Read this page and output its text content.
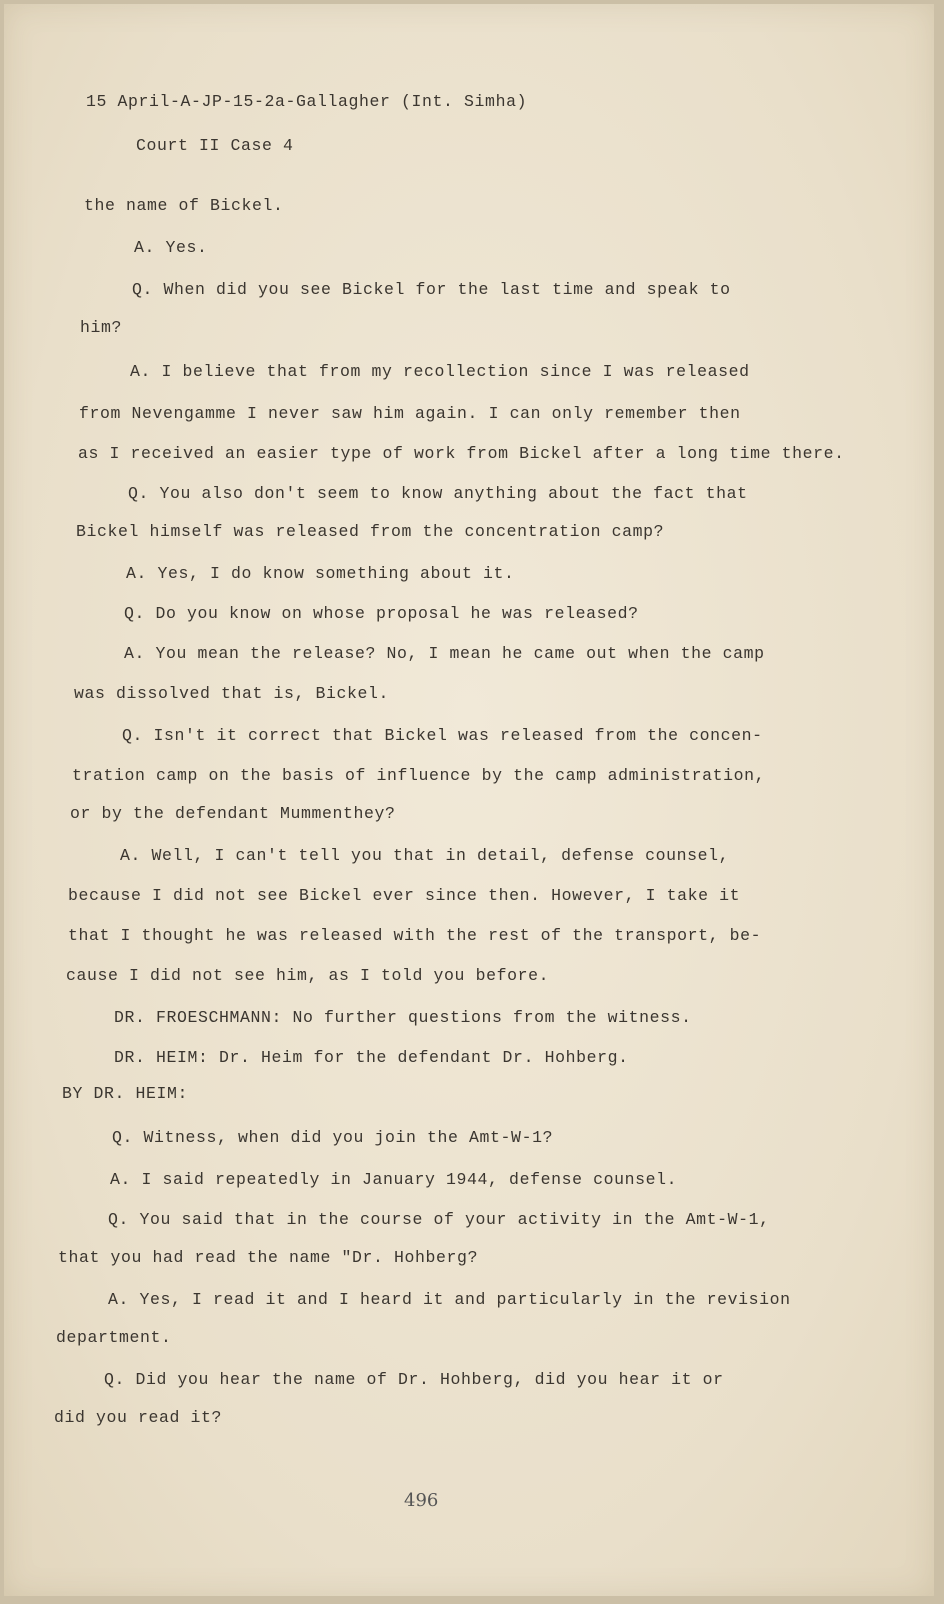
15 April-A-JP-15-2a-Gallagher (Int. Simha)
Court II Case 4
the name of Bickel.
A. Yes.
Q. When did you see Bickel for the last time and speak to
him?
A. I believe that from my recollection since I was released
from Nevengamme I never saw him again. I can only remember then
as I received an easier type of work from Bickel after a long time there.
Q. You also don't seem to know anything about the fact that
Bickel himself was released from the concentration camp?
A. Yes, I do know something about it.
Q. Do you know on whose proposal he was released?
A. You mean the release? No, I mean he came out when the camp
was dissolved that is, Bickel.
Q. Isn't it correct that Bickel was released from the concen-
tration camp on the basis of influence by the camp administration,
or by the defendant Mummenthey?
A. Well, I can't tell you that in detail, defense counsel,
because I did not see Bickel ever since then. However, I take it
that I thought he was released with the rest of the transport, be-
cause I did not see him, as I told you before.
DR. FROESCHMANN: No further questions from the witness.
DR. HEIM: Dr. Heim for the defendant Dr. Hohberg.
BY DR. HEIM:
Q. Witness, when did you join the Amt-W-1?
A. I said repeatedly in January 1944, defense counsel.
Q. You said that in the course of your activity in the Amt-W-1,
that you had read the name "Dr. Hohberg?
A. Yes, I read it and I heard it and particularly in the revision
department.
Q. Did you hear the name of Dr. Hohberg, did you hear it or
did you read it?
496
